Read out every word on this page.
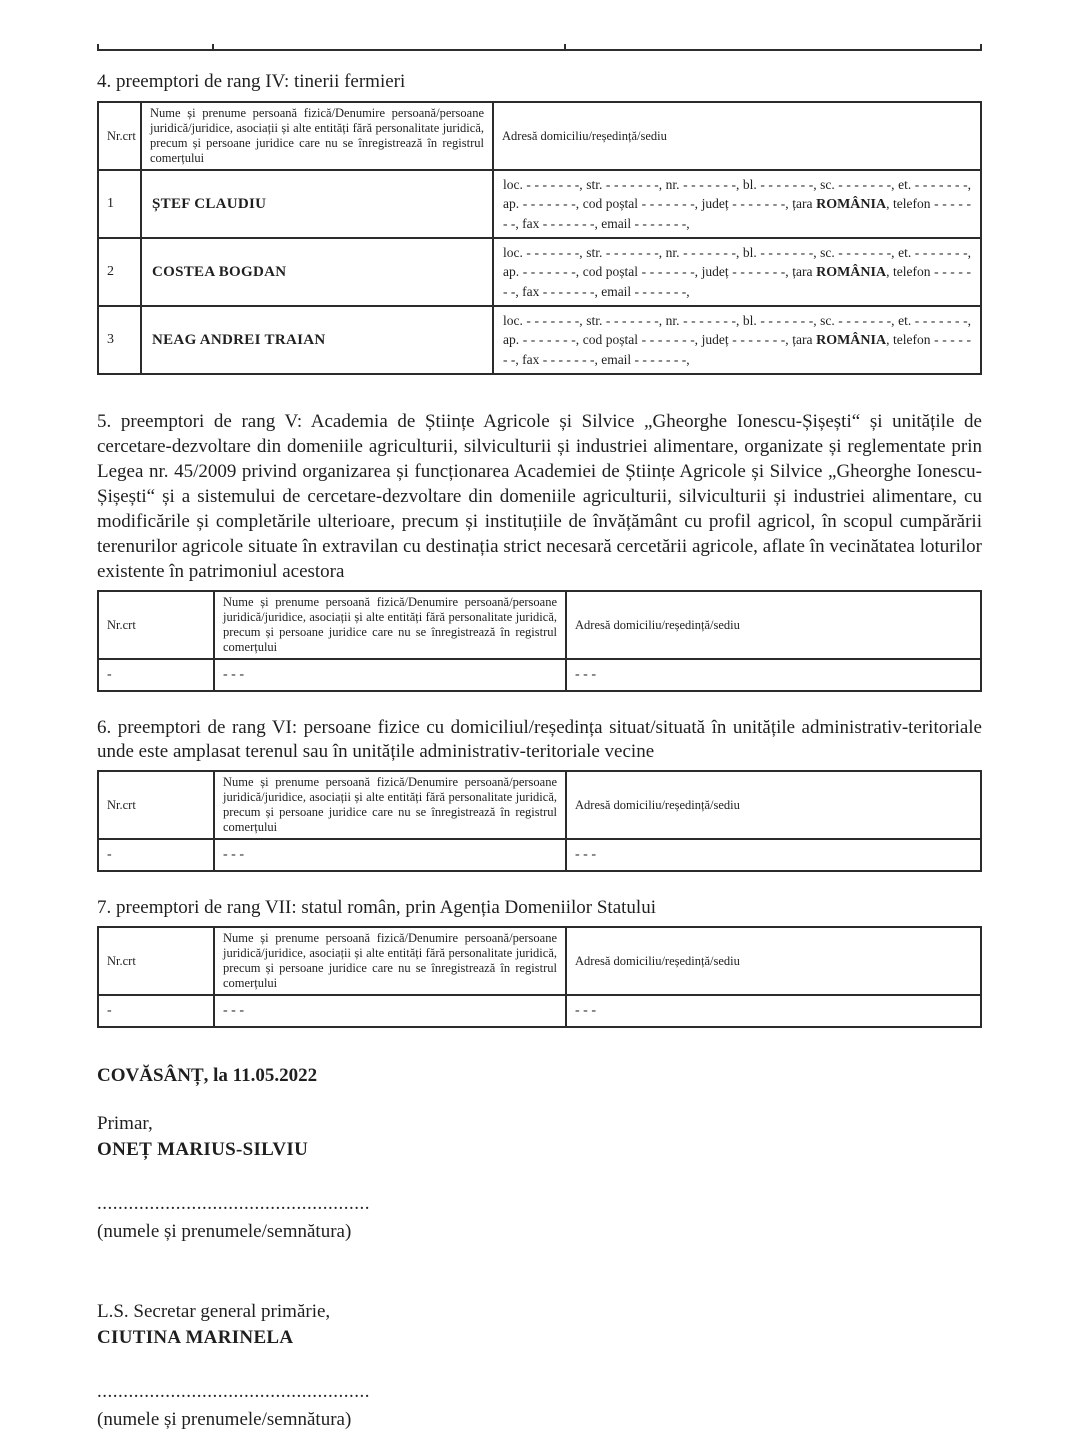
4. preemptori de rang IV: tinerii fermieri

Nr.crt	Nume și prenume persoană fizică/Denumire persoană/persoane juridică/juridice, asociații și alte entități fără personalitate juridică, precum și persoane juridice care nu se înregistrează în registrul comerțului	Adresă domiciliu/reședință/sediu
1	ȘTEF CLAUDIU	loc. - - - - - - -, str. - - - - - - -, nr. - - - - - - -, bl. - - - - - - -, sc. - - - - - - -, et. - - - - - - -, ap. - - - - - - -, cod poștal - - - - - - -, județ - - - - - - -, țara ROMÂNIA, telefon - - - - - - -, fax - - - - - - -, email - - - - - - -,
2	COSTEA BOGDAN	loc. - - - - - - -, str. - - - - - - -, nr. - - - - - - -, bl. - - - - - - -, sc. - - - - - - -, et. - - - - - - -, ap. - - - - - - -, cod poștal - - - - - - -, județ - - - - - - -, țara ROMÂNIA, telefon - - - - - - -, fax - - - - - - -, email - - - - - - -,
3	NEAG ANDREI TRAIAN	loc. - - - - - - -, str. - - - - - - -, nr. - - - - - - -, bl. - - - - - - -, sc. - - - - - - -, et. - - - - - - -, ap. - - - - - - -, cod poștal - - - - - - -, județ - - - - - - -, țara ROMÂNIA, telefon - - - - - - -, fax - - - - - - -, email - - - - - - -,

5. preemptori de rang V: Academia de Științe Agricole și Silvice „Gheorghe Ionescu-Șișești“ și unitățile de cercetare-dezvoltare din domeniile agriculturii, silviculturii și industriei alimentare, organizate și reglementate prin Legea nr. 45/2009 privind organizarea și funcționarea Academiei de Științe Agricole și Silvice „Gheorghe Ionescu-Șișești“ și a sistemului de cercetare-dezvoltare din domeniile agriculturii, silviculturii și industriei alimentare, cu modificările și completările ulterioare, precum și instituțiile de învățământ cu profil agricol, în scopul cumpărării terenurilor agricole situate în extravilan cu destinația strict necesară cercetării agricole, aflate în vecinătatea loturilor existente în patrimoniul acestora

Nr.crt	Nume și prenume persoană fizică/Denumire persoană/persoane juridică/juridice, asociații și alte entități fără personalitate juridică, precum și persoane juridice care nu se înregistrează în registrul comerțului	Adresă domiciliu/reședință/sediu
-	- - -	- - -

6. preemptori de rang VI: persoane fizice cu domiciliul/reședința situat/situată în unitățile administrativ-teritoriale unde este amplasat terenul sau în unitățile administrativ-teritoriale vecine

Nr.crt	Nume și prenume persoană fizică/Denumire persoană/persoane juridică/juridice, asociații și alte entități fără personalitate juridică, precum și persoane juridice care nu se înregistrează în registrul comerțului	Adresă domiciliu/reședință/sediu
-	- - -	- - -

7. preemptori de rang VII: statul român, prin Agenția Domeniilor Statului

Nr.crt	Nume și prenume persoană fizică/Denumire persoană/persoane juridică/juridice, asociații și alte entități fără personalitate juridică, precum și persoane juridice care nu se înregistrează în registrul comerțului	Adresă domiciliu/reședință/sediu
-	- - -	- - -

COVĂSÂNȚ, la 11.05.2022

Primar,

ONEȚ MARIUS-SILVIU

....................................................

(numele și prenumele/semnătura)

L.S. Secretar general primărie,

CIUTINA MARINELA

....................................................

(numele și prenumele/semnătura)
